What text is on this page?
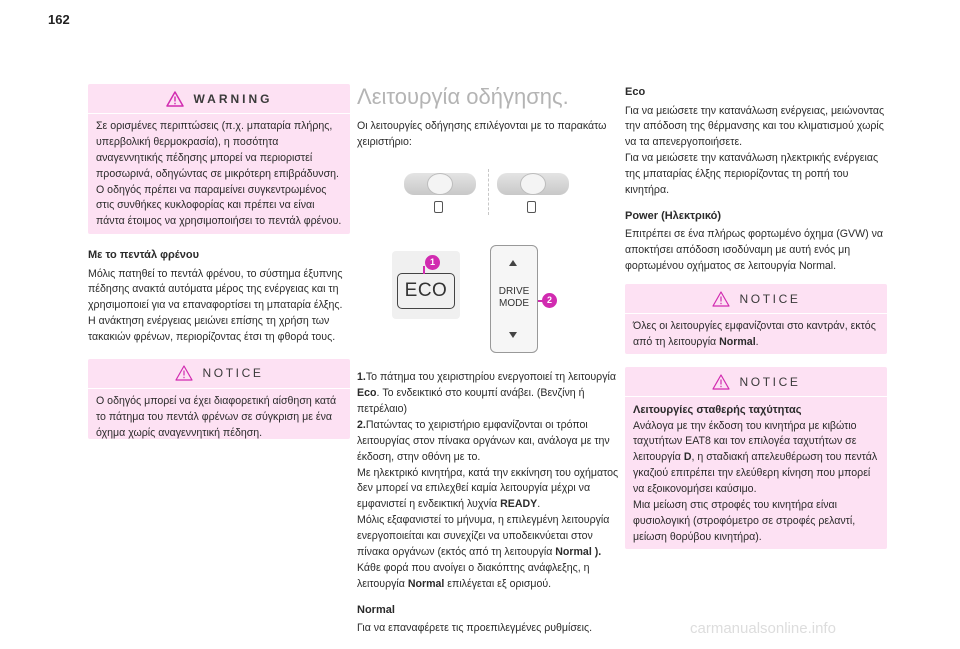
162
WARNING

Σε ορισμένες περιπτώσεις (π.χ. μπαταρία πλήρης, υπερβολική θερμοκρασία), η ποσότητα αναγεννητικής πέδησης μπορεί να περιοριστεί προσωρινά, οδηγώντας σε μικρότερη επιβράδυνση. Ο οδηγός πρέπει να παραμείνει συγκεντρωμένος στις συνθήκες κυκλοφορίας και πρέπει να είναι πάντα έτοιμος να χρησιμοποιήσει το πεντάλ φρένου.

Με το πεντάλ φρένου

Μόλις πατηθεί το πεντάλ φρένου, το σύστημα έξυπνης πέδησης ανακτά αυτόματα μέρος της ενέργειας και τη χρησιμοποιεί για να επαναφορτίσει τη μπαταρία έλξης. Η ανάκτηση ενέργειας μειώνει επίσης τη χρήση των τακακιών φρένων, περιορίζοντας έτσι τη φθορά τους.

NOTICE

Ο οδηγός μπορεί να έχει διαφορετική αίσθηση κατά το πάτημα του πεντάλ φρένων σε σύγκριση με ένα όχημα χωρίς αναγεννητική πέδηση.

Λειτουργία οδήγησης.

Οι λειτουργίες οδήγησης επιλέγονται με το παρακάτω χειριστήριο:

ECO
1
DRIVE
MODE	2

1.Το πάτημα του χειριστηρίου ενεργοποιεί τη λειτουργία Eco. Το ενδεικτικό στο κουμπί ανάβει. (Βενζίνη ή πετρέλαιο)

2.Πατώντας το χειριστήριο εμφανίζονται οι τρόποι λειτουργίας στον πίνακα οργάνων και, ανάλογα με την έκδοση, στην οθόνη με το.

Με ηλεκτρικό κινητήρα, κατά την εκκίνηση του οχήματος δεν μπορεί να επιλεχθεί καμία λειτουργία μέχρι να εμφανιστεί η ενδεικτική λυχνία READY.

Μόλις εξαφανιστεί το μήνυμα, η επιλεγμένη λειτουργία ενεργοποιείται και συνεχίζει να υποδεικνύεται στον πίνακα οργάνων (εκτός από τη λειτουργία Normal ).

Κάθε φορά που ανοίγει ο διακόπτης ανάφλεξης, η λειτουργία Normal επιλέγεται εξ ορισμού.

Normal

Για να επαναφέρετε τις προεπιλεγμένες ρυθμίσεις.

Eco

Για να μειώσετε την κατανάλωση ενέργειας, μειώνοντας την απόδοση της θέρμανσης και του κλιματισμού χωρίς να τα απενεργοποιήσετε.

Για να μειώσετε την κατανάλωση ηλεκτρικής ενέργειας της μπαταρίας έλξης περιορίζοντας τη ροπή του κινητήρα.

Power (Ηλεκτρικό)

Επιτρέπει σε ένα πλήρως φορτωμένο όχημα (GVW) να αποκτήσει απόδοση ισοδύναμη με αυτή ενός μη φορτωμένου οχήματος σε λειτουργία Normal.

NOTICE

Όλες οι λειτουργίες εμφανίζονται στο καντράν, εκτός από τη λειτουργία Normal.

NOTICE
Λειτουργίες σταθερής ταχύτητας

Ανάλογα με την έκδοση του κινητήρα με κιβώτιο ταχυτήτων EAT8 και τον επιλογέα ταχυτήτων σε λειτουργία D, η σταδιακή απελευθέρωση του πεντάλ γκαζιού επιτρέπει την ελεύθερη κίνηση που μπορεί να εξοικονομήσει καύσιμο.

Μια μείωση στις στροφές του κινητήρα είναι φυσιολογική (στροφόμετρο σε στροφές ρελαντί, μείωση θορύβου κινητήρα).

carmanualsonline.info
